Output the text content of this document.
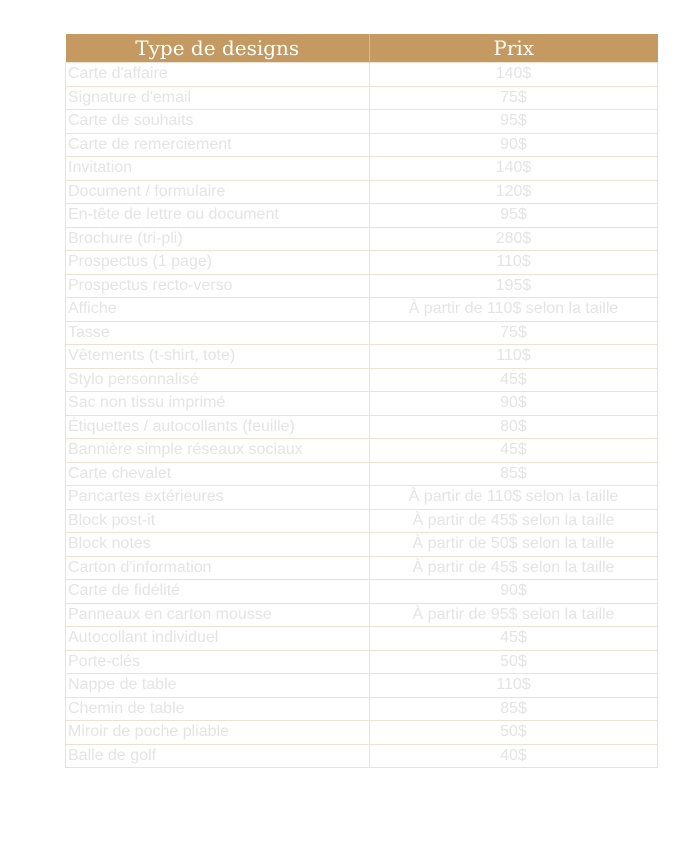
Type de designs	Prix
Carte d'affaire	140$
Signature d'email	75$
Carte de souhaits	95$
Carte de remerciement	90$
Invitation	140$
Document / formulaire	120$
En-tête de lettre ou document	95$
Brochure (tri-pli)	280$
Prospectus (1 page)	110$
Prospectus recto-verso	195$
Affiche	À partir de 110$ selon la taille
Tasse	75$
Vêtements (t-shirt, tote)	110$
Stylo personnalisé	45$
Sac non tissu imprimé	90$
Étiquettes / autocollants (feuille)	80$
Bannière simple réseaux sociaux	45$
Carte chevalet	85$
Pancartes extérieures	À partir de 110$ selon la taille
Block post-it	À partir de 45$ selon la taille
Block notes	À partir de 50$ selon la taille
Carton d'information	À partir de 45$ selon la taille
Carte de fidélité	90$
Panneaux en carton mousse	À partir de 95$ selon la taille
Autocollant individuel	45$
Porte-clés	50$
Nappe de table	110$
Chemin de table	85$
Miroir de poche pliable	50$
Balle de golf	40$
